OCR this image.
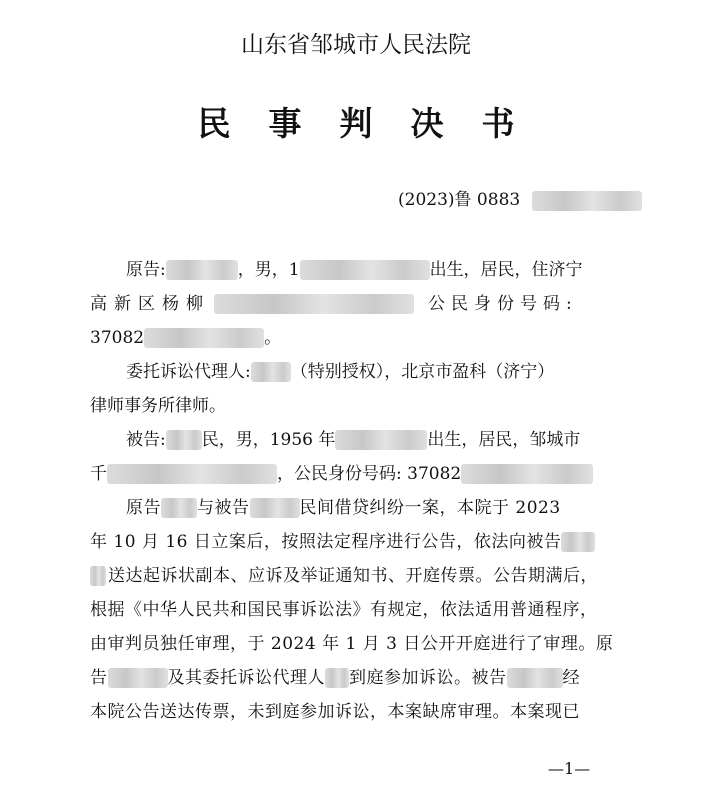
山东省邹城市人民法院
民事判决书
(2023)鲁 0883
原告:	，男，1	出生，居民，住济宁
高新区杨柳	公民身份号码:
37082	。
委托诉讼代理人: （特别授权），北京市盈科（济宁）
律师事务所律师。
被告: 民，男，1956 年	出生，居民，邹城市
千	，公民身份号码: 37082
原告 与被告	民间借贷纠纷一案，本院于 2023
年 10 月 16 日立案后，按照法定程序进行公告，依法向被告
送达起诉状副本、应诉及举证通知书、开庭传票。公告期满后，
根据《中华人民共和国民事诉讼法》有规定，依法适用普通程序，
由审判员独任审理，于 2024 年 1 月 3 日公开开庭进行了审理。原
告	及其委托诉讼代理人 到庭参加诉讼。被告	经
本院公告送达传票，未到庭参加诉讼，本案缺席审理。本案现已
—1—
